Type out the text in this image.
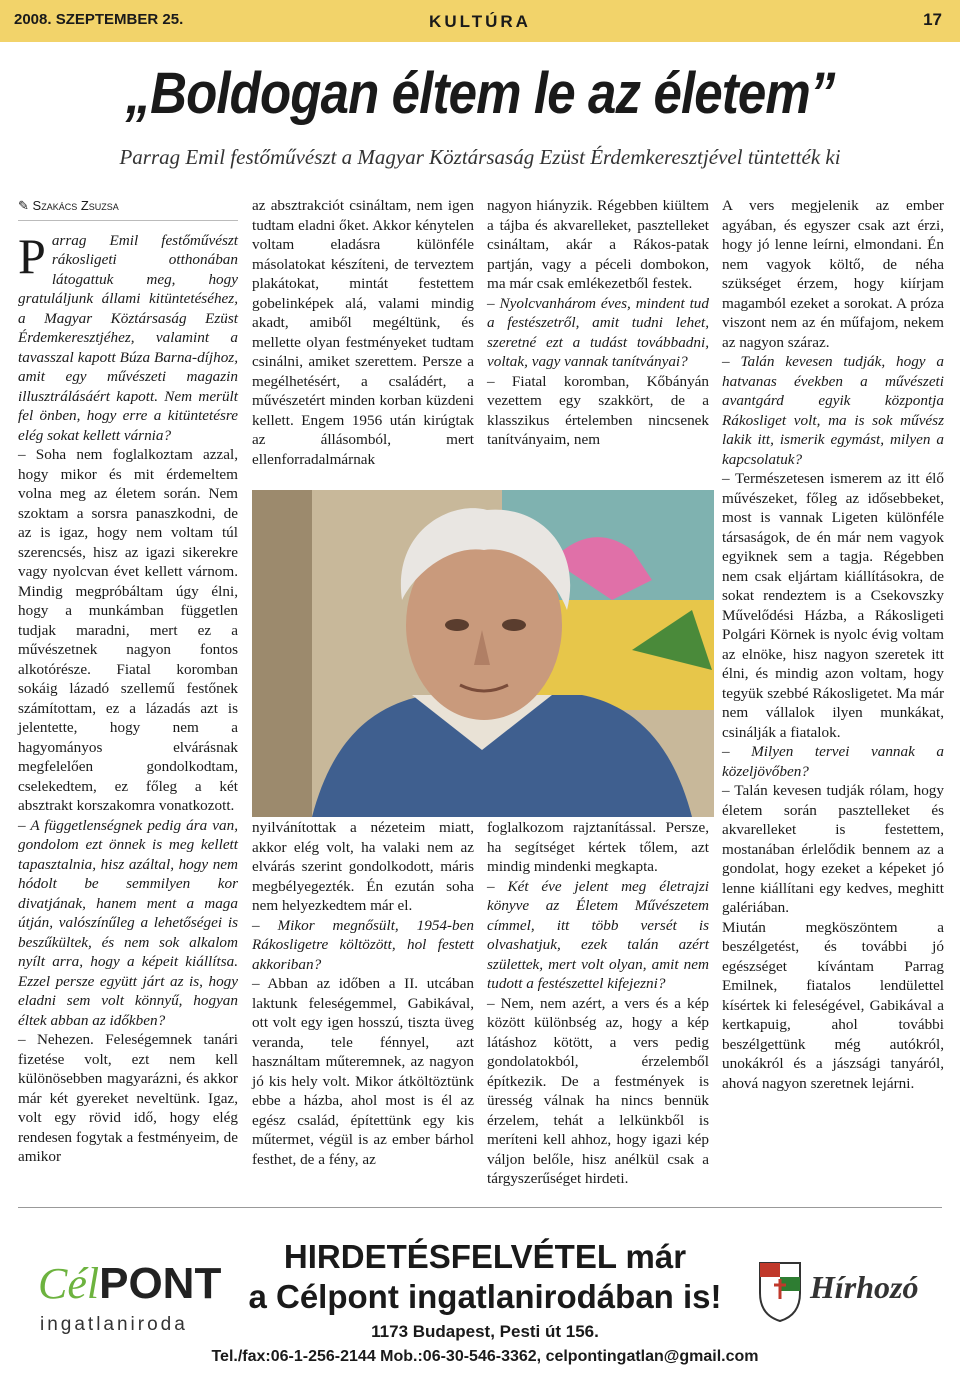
2008. SZEPTEMBER 25.	KULTÚRA	17
„Boldogan éltem le az életem”
Parrag Emil festőművészt a Magyar Köztársaság Ezüst Érdemkeresztjével tüntették ki

✎ Szakács Zsuzsa

Parrag Emil festőművészt rákosligeti otthonában látogattuk meg, hogy gratuláljunk állami kitüntetéséhez, a Magyar Köztársaság Ezüst Érdemkeresztjéhez, valamint a tavasszal kapott Búza Barna-díjhoz, amit egy művészeti magazin illusztrálásáért kapott. Nem merült fel önben, hogy erre a kitüntetésre elég sokat kellett várnia?

– Soha nem foglalkoztam azzal, hogy mikor és mit érdemeltem volna meg az életem során. Nem szoktam a sorsra panaszkodni, de az is igaz, hogy nem voltam túl szerencsés, hisz az igazi sikerekre vagy nyolcvan évet kellett várnom. Mindig megpróbáltam úgy élni, hogy a munkámban független tudjak maradni, mert ez a művészetnek nagyon fontos alkotórésze. Fiatal koromban sokáig lázadó szellemű festőnek számítottam, ez a lázadás azt is jelentette, hogy nem a hagyományos elvárásnak megfelelően gondolkodtam, cselekedtem, ez főleg a két absztrakt korszakomra vonatkozott.

– A függetlenségnek pedig ára van, gondolom ezt önnek is meg kellett tapasztalnia, hisz azáltal, hogy nem hódolt be semmilyen kor divatjának, hanem ment a maga útján, valószínűleg a lehetőségei is beszűkültek, és nem sok alkalom nyílt arra, hogy a képeit kiállítsa. Ezzel persze együtt járt az is, hogy eladni sem volt könnyű, hogyan éltek abban az időkben?

– Nehezen. Feleségemnek tanári fizetése volt, ezt nem kell különösebben magyarázni, és akkor már két gyereket neveltünk. Igaz, volt egy rövid idő, hogy elég rendesen fogytak a festményeim, de amikor

az absztrakciót csináltam, nem igen tudtam eladni őket. Akkor kénytelen voltam eladásra különféle másolatokat készíteni, de terveztem plakátokat, mintát festettem gobelinképek alá, valami mindig akadt, amiből megéltünk, és mellette olyan festményeket tudtam csinálni, amiket szerettem. Persze a megélhetésért, a családért, a művészetért minden korban küzdeni kellett. Engem 1956 után kirúgtak az állásomból, mert ellenforradalmárnak

nagyon hiányzik. Régebben kiültem a tájba és akvarelleket, pasztelleket csináltam, akár a Rákos-patak partján, vagy a péceli dombokon, ma már csak emlékezetből festek.

– Nyolcvanhárom éves, mindent tud a festészetről, amit tudni lehet, szeretné ezt a tudást továbbadni, voltak, vagy vannak tanítványai?

– Fiatal koromban, Kőbányán vezettem egy szakkört, de a klasszikus értelemben nincsenek tanítványaim, nem

nyilvánítottak a nézeteim miatt, akkor elég volt, ha valaki nem az elvárás szerint gondolkodott, máris megbélyegezték. Én ezután soha nem helyezkedtem már el.

– Mikor megnősült, 1954-ben Rákosligetre költözött, hol festett akkoriban?

– Abban az időben a II. utcában laktunk feleségemmel, Gabikával, ott volt egy igen hosszú, tiszta üveg veranda, tele fénnyel, azt használtam műteremnek, az nagyon jó kis hely volt. Mikor átköltöztünk ebbe a házba, ahol most is él az egész család, építettünk egy kis műtermet, végül is az ember bárhol festhet, de a fény, az

foglalkozom rajztanítással. Persze, ha segítséget kértek tőlem, azt mindig mindenki megkapta.

– Két éve jelent meg életrajzi könyve az Életem Művészetem címmel, itt több versét is olvashatjuk, ezek talán azért születtek, mert volt olyan, amit nem tudott a festészettel kifejezni?

– Nem, nem azért, a vers és a kép között különbség az, hogy a kép látáshoz kötött, a vers pedig gondolatokból, érzelemből építkezik. De a festmények is üresség válnak ha nincs bennük érzelem, tehát a lelkünkből is meríteni kell ahhoz, hogy igazi kép váljon belőle, hisz anélkül csak a tárgyszerűséget hirdeti.

A vers megjelenik az ember agyában, és egyszer csak azt érzi, hogy jó lenne leírni, elmondani. Én nem vagyok költő, de néha szükséget érzem, hogy kiírjam magamból ezeket a sorokat. A próza viszont nem az én műfajom, nekem az nagyon száraz.

– Talán kevesen tudják, hogy a hatvanas években a művészeti avantgárd egyik központja Rákosliget volt, ma is sok művész lakik itt, ismerik egymást, milyen a kapcsolatuk?

– Természetesen ismerem az itt élő művészeket, főleg az idősebbeket, most is vannak Ligeten különféle társaságok, de én már nem vagyok egyiknek sem a tagja. Régebben nem csak eljártam kiállításokra, de sokat rendeztem is a Csekovszky Művelődési Házba, a Rákosligeti Polgári Körnek is nyolc évig voltam az elnöke, hisz nagyon szeretek itt élni, és mindig azon voltam, hogy tegyük szebbé Rákosligetet. Ma már nem vállalok ilyen munkákat, csinálják a fiatalok.

– Milyen tervei vannak a közeljövőben?

– Talán kevesen tudják rólam, hogy életem során pasztelleket és akvarelleket is festettem, mostanában érlelődik bennem az a gondolat, hogy ezeket a képeket jó lenne kiállítani egy kedves, meghitt galériában.

Miután megköszöntem a beszélgetést, és további jó egészséget kívántam Parrag Emilnek, fiatalos lendülettel kísértek ki feleségével, Gabikával a kertkapuig, ahol további beszélgettünk még autókról, unokákról és a jászsági tanyáról, ahová nagyon szeretnek lejárni.

CélPONT
ingatlaniroda
HIRDETÉSFELVÉTEL már
a Célpont ingatlanirodában is!
1173 Budapest, Pesti út 156.
Tel./fax:06-1-256-2144 Mob.:06-30-546-3362, celpontingatlan@gmail.com
Hírhozó
